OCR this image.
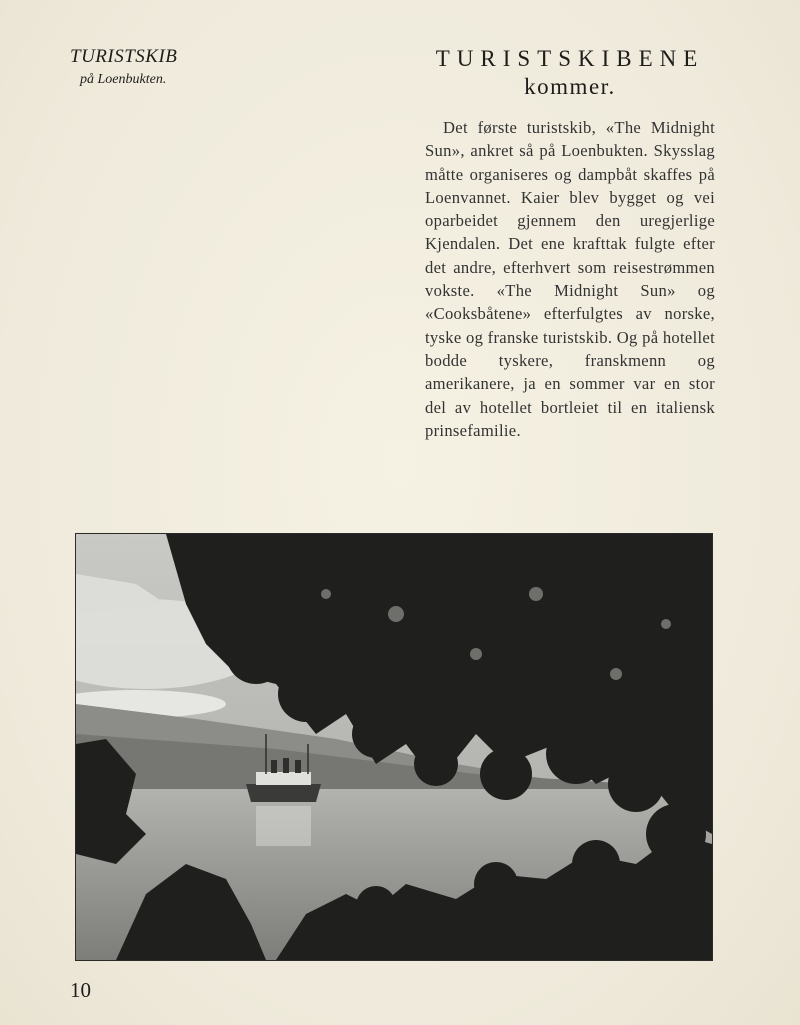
TURISTSKIB
på Loenbukten.
TURISTSKIBENE
kommer.

Det første turistskib, «The Midnight Sun», ankret så på Loenbukten. Skysslag måtte organiseres og dampbåt skaffes på Loenvannet. Kaier blev bygget og vei oparbeidet gjennem den uregjerlige Kjendalen. Det ene krafttak fulgte efter det andre, efterhvert som reisestrømmen vokste. «The Midnight Sun» og «Cooksbåtene» efterfulgtes av norske, tyske og franske turistskib. Og på hotellet bodde tyskere, franskmenn og amerikanere, ja en sommer var en stor del av hotellet bortleiet til en italiensk prinsefamilie.

10
